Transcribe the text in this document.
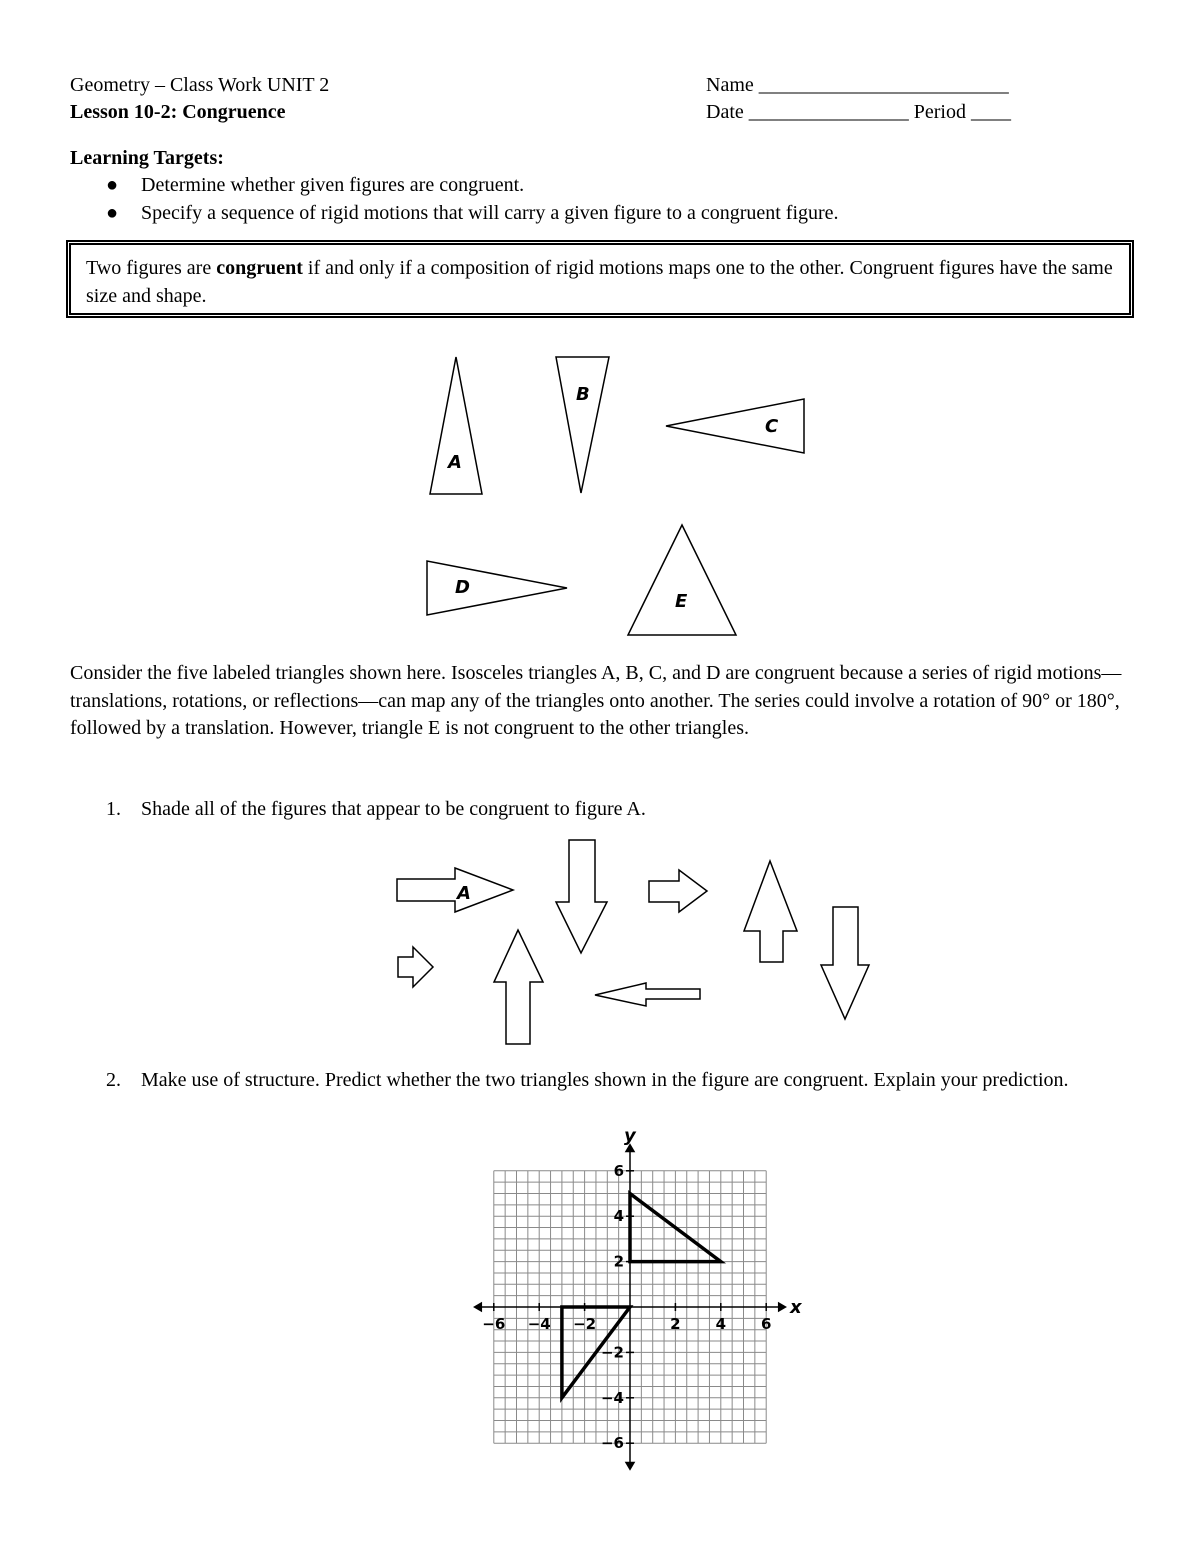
Geometry – Class Work UNIT 2
Lesson 10-2: Congruence
Name _________________________
Date ________________ Period ____
Learning Targets:
● Determine whether given figures are congruent.
● Specify a sequence of rigid motions that will carry a given figure to a congruent figure.
Two figures are congruent if and only if a composition of rigid motions maps one to the other. Congruent figures have the same size and shape.
A
B
C
D
E
Consider the five labeled triangles shown here. Isosceles triangles A, B, C, and D are congruent because a series of rigid motions—translations, rotations, or reflections—can map any of the triangles onto another. The series could involve a rotation of 90° or 180°, followed by a translation. However, triangle E is not congruent to the other triangles.
1. Shade all of the figures that appear to be congruent to figure A.
A
2. Make use of structure. Predict whether the two triangles shown in the figure are congruent. Explain your prediction.
−6 −4 −2	2 4 6
6
4
2
−2
−4
−6
x
y
